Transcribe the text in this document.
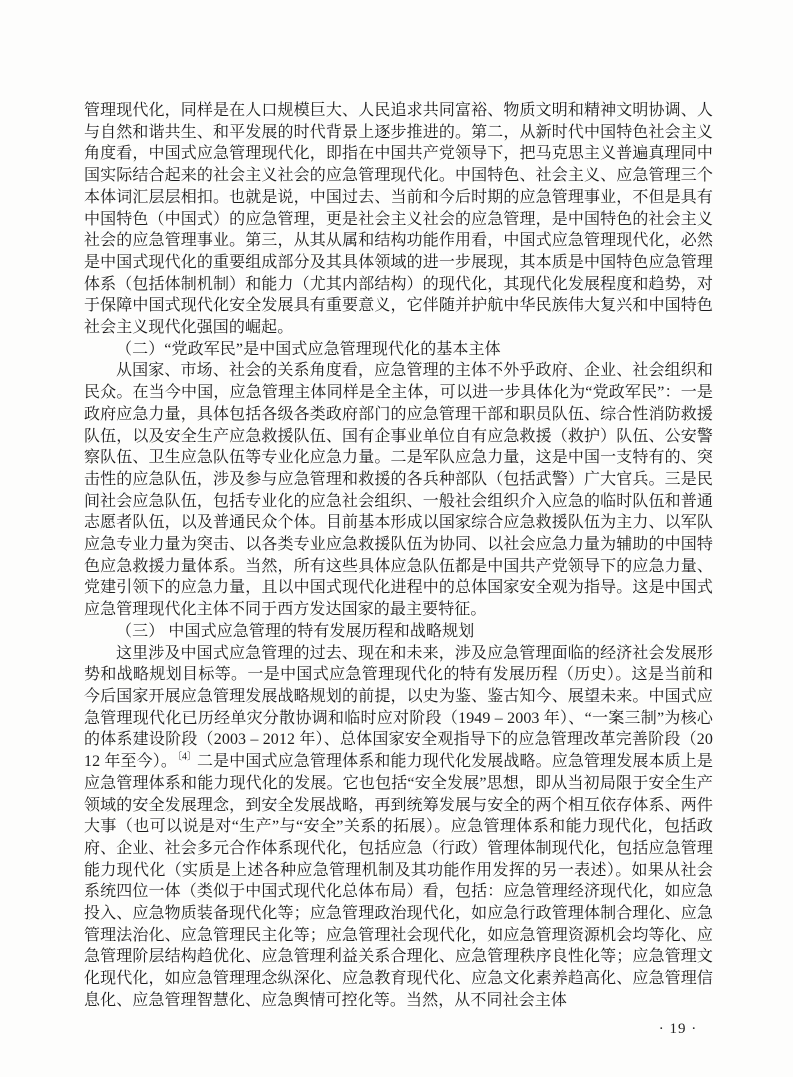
管理现代化，同样是在人口规模巨大、人民追求共同富裕、物质文明和精神文明协调、人与自然和谐共生、和平发展的时代背景上逐步推进的。第二，从新时代中国特色社会主义角度看，中国式应急管理现代化，即指在中国共产党领导下，把马克思主义普遍真理同中国实际结合起来的社会主义社会的应急管理现代化。中国特色、社会主义、应急管理三个本体词汇层层相扣。也就是说，中国过去、当前和今后时期的应急管理事业，不但是具有中国特色（中国式）的应急管理，更是社会主义社会的应急管理，是中国特色的社会主义社会的应急管理事业。第三，从其从属和结构功能作用看，中国式应急管理现代化，必然是中国式现代化的重要组成部分及其具体领域的进一步展现，其本质是中国特色应急管理体系（包括体制机制）和能力（尤其内部结构）的现代化，其现代化发展程度和趋势，对于保障中国式现代化安全发展具有重要意义，它伴随并护航中华民族伟大复兴和中国特色社会主义现代化强国的崛起。

（二）“党政军民”是中国式应急管理现代化的基本主体

从国家、市场、社会的关系角度看，应急管理的主体不外乎政府、企业、社会组织和民众。在当今中国，应急管理主体同样是全主体，可以进一步具体化为“党政军民”：一是政府应急力量，具体包括各级各类政府部门的应急管理干部和职员队伍、综合性消防救援队伍，以及安全生产应急救援队伍、国有企事业单位自有应急救援（救护）队伍、公安警察队伍、卫生应急队伍等专业化应急力量。二是军队应急力量，这是中国一支特有的、突击性的应急队伍，涉及参与应急管理和救援的各兵种部队（包括武警）广大官兵。三是民间社会应急队伍，包括专业化的应急社会组织、一般社会组织介入应急的临时队伍和普通志愿者队伍，以及普通民众个体。目前基本形成以国家综合应急救援队伍为主力、以军队应急专业力量为突击、以各类专业应急救援队伍为协同、以社会应急力量为辅助的中国特色应急救援力量体系。当然，所有这些具体应急队伍都是中国共产党领导下的应急力量、党建引领下的应急力量，且以中国式现代化进程中的总体国家安全观为指导。这是中国式应急管理现代化主体不同于西方发达国家的最主要特征。

（三） 中国式应急管理的特有发展历程和战略规划

这里涉及中国式应急管理的过去、现在和未来，涉及应急管理面临的经济社会发展形势和战略规划目标等。一是中国式应急管理现代化的特有发展历程（历史）。这是当前和今后国家开展应急管理发展战略规划的前提，以史为鉴、鉴古知今、展望未来。中国式应急管理现代化已历经单灾分散协调和临时应对阶段（1949 – 2003 年）、“一案三制”为核心的体系建设阶段（2003 – 2012 年）、总体国家安全观指导下的应急管理改革完善阶段（2012 年至今）。$^{〔4〕}$二是中国式应急管理体系和能力现代化发展战略。应急管理发展本质上是应急管理体系和能力现代化的发展。它也包括“安全发展”思想，即从当初局限于安全生产领域的安全发展理念，到安全发展战略，再到统筹发展与安全的两个相互依存体系、两件大事（也可以说是对“生产”与“安全”关系的拓展）。应急管理体系和能力现代化，包括政府、企业、社会多元合作体系现代化，包括应急（行政）管理体制现代化，包括应急管理能力现代化（实质是上述各种应急管理机制及其功能作用发挥的另一表述）。如果从社会系统四位一体（类似于中国式现代化总体布局）看，包括：应急管理经济现代化，如应急投入、应急物质装备现代化等；应急管理政治现代化，如应急行政管理体制合理化、应急管理法治化、应急管理民主化等；应急管理社会现代化，如应急管理资源机会均等化、应急管理阶层结构趋优化、应急管理利益关系合理化、应急管理秩序良性化等；应急管理文化现代化，如应急管理理念纵深化、应急教育现代化、应急文化素养趋高化、应急管理信息化、应急管理智慧化、应急舆情可控化等。当然，从不同社会主体

· 19 ·
